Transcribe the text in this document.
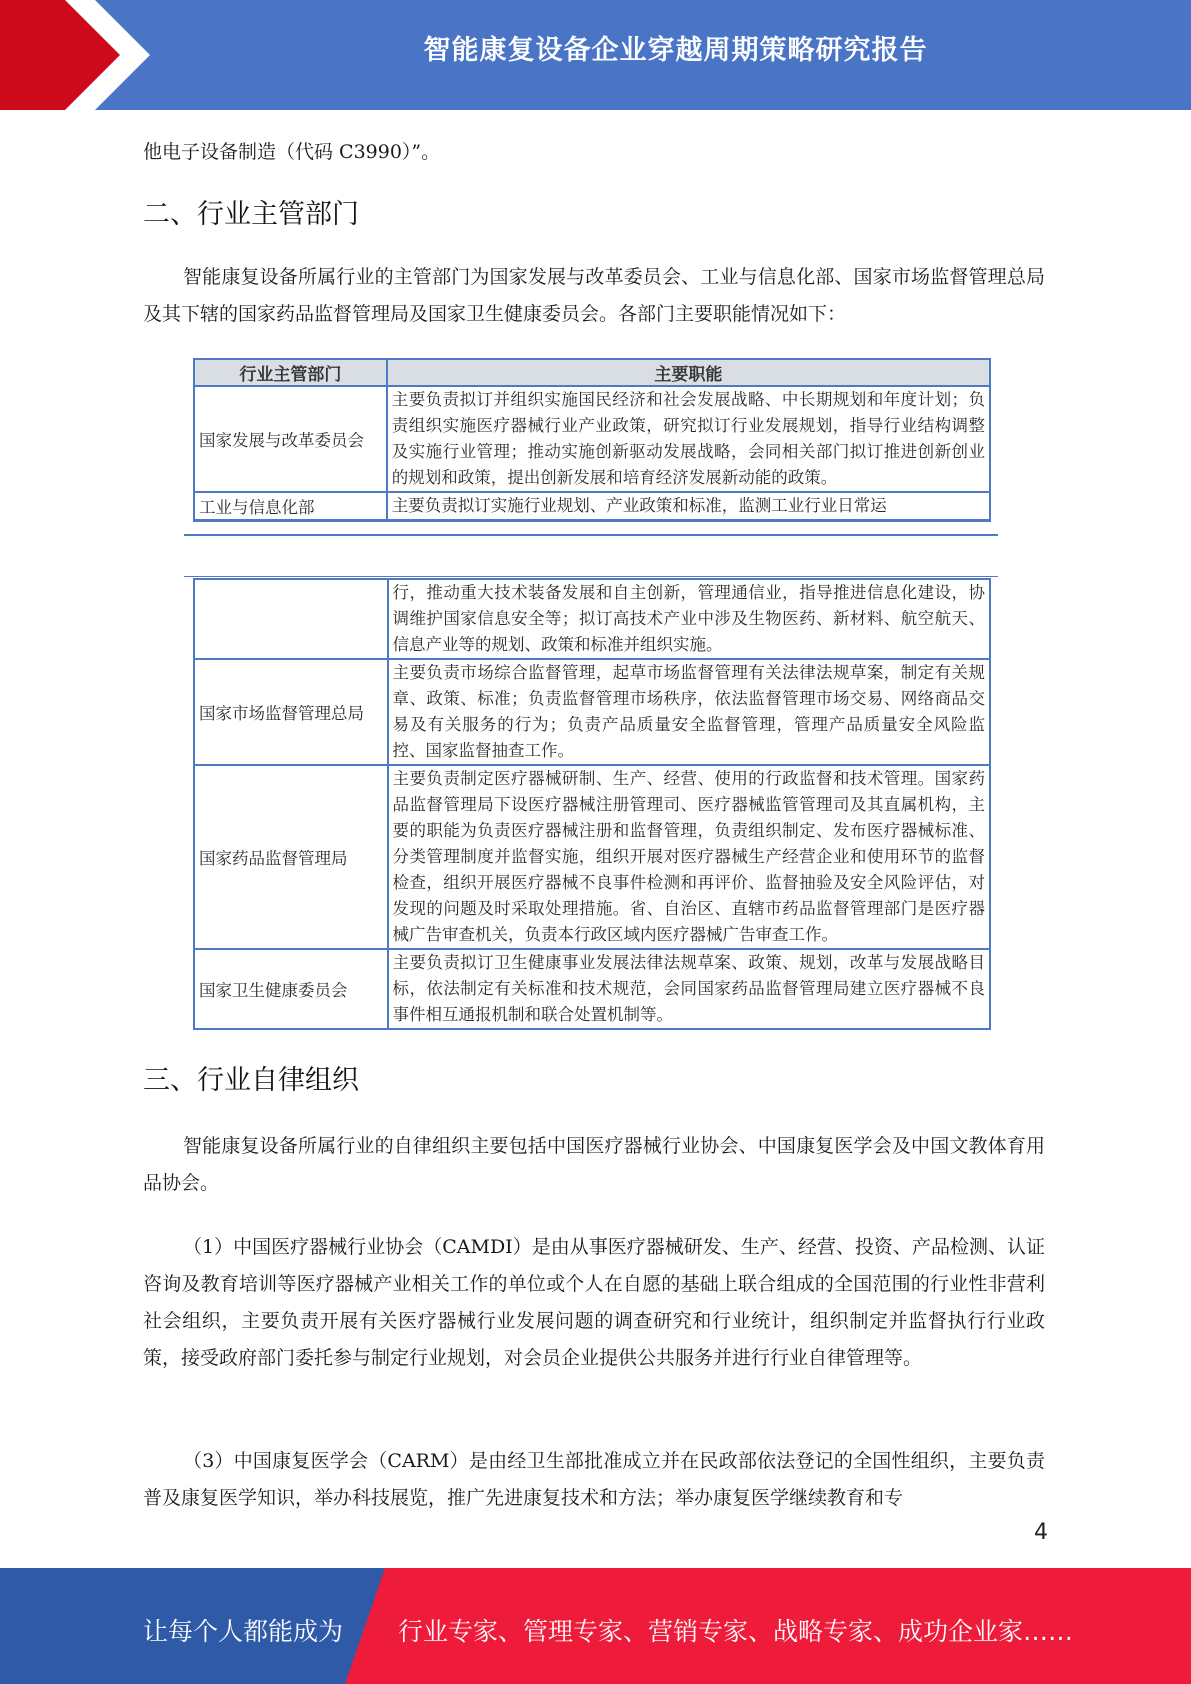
智能康复设备企业穿越周期策略研究报告

他电子设备制造（代码 C3990）”。

二、行业主管部门

智能康复设备所属行业的主管部门为国家发展与改革委员会、工业与信息化部、国家市场监督管理总局及其下辖的国家药品监督管理局及国家卫生健康委员会。各部门主要职能情况如下：

行业主管部门	主要职能
国家发展与改革委员会	主要负责拟订并组织实施国民经济和社会发展战略、中长期规划和年度计划；负责组织实施医疗器械行业产业政策，研究拟订行业发展规划，指导行业结构调整及实施行业管理；推动实施创新驱动发展战略，会同相关部门拟订推进创新创业的规划和政策，提出创新发展和培育经济发展新动能的政策。
工业与信息化部	主要负责拟订实施行业规划、产业政策和标准，监测工业行业日常运
	行，推动重大技术装备发展和自主创新，管理通信业，指导推进信息化建设，协调维护国家信息安全等；拟订高技术产业中涉及生物医药、新材料、航空航天、信息产业等的规划、政策和标准并组织实施。
国家市场监督管理总局	主要负责市场综合监督管理，起草市场监督管理有关法律法规草案，制定有关规章、政策、标准；负责监督管理市场秩序，依法监督管理市场交易、网络商品交易及有关服务的行为；负责产品质量安全监督管理，管理产品质量安全风险监控、国家监督抽查工作。
国家药品监督管理局	主要负责制定医疗器械研制、生产、经营、使用的行政监督和技术管理。国家药品监督管理局下设医疗器械注册管理司、医疗器械监管管理司及其直属机构，主要的职能为负责医疗器械注册和监督管理，负责组织制定、发布医疗器械标准、分类管理制度并监督实施，组织开展对医疗器械生产经营企业和使用环节的监督检查，组织开展医疗器械不良事件检测和再评价、监督抽验及安全风险评估，对发现的问题及时采取处理措施。省、自治区、直辖市药品监督管理部门是医疗器械广告审查机关，负责本行政区域内医疗器械广告审查工作。
国家卫生健康委员会	主要负责拟订卫生健康事业发展法律法规草案、政策、规划，改革与发展战略目标，依法制定有关标准和技术规范，会同国家药品监督管理局建立医疗器械不良事件相互通报机制和联合处置机制等。
三、行业自律组织

智能康复设备所属行业的自律组织主要包括中国医疗器械行业协会、中国康复医学会及中国文教体育用品协会。

（1）中国医疗器械行业协会（CAMDI）是由从事医疗器械研发、生产、经营、投资、产品检测、认证咨询及教育培训等医疗器械产业相关工作的单位或个人在自愿的基础上联合组成的全国范围的行业性非营利社会组织，主要负责开展有关医疗器械行业发展问题的调查研究和行业统计，组织制定并监督执行行业政策，接受政府部门委托参与制定行业规划，对会员企业提供公共服务并进行行业自律管理等。

（3）中国康复医学会（CARM）是由经卫生部批准成立并在民政部依法登记的全国性组织，主要负责普及康复医学知识，举办科技展览，推广先进康复技术和方法；举办康复医学继续教育和专

4
让每个人都能成为 行业专家、管理专家、营销专家、战略专家、成功企业家……
